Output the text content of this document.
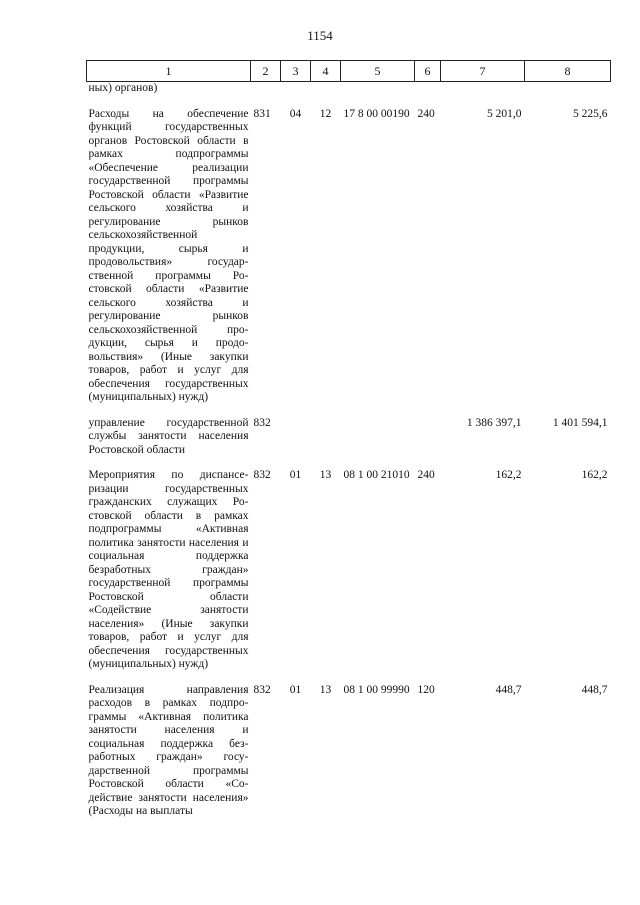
1154
1	2	3	4	5	6	7	8
ных) органов)							

Расходы на обеспечение функций государственных органов Ростовской области в рамках подпрограммы «Обеспечение реализации государственной программы Ростовской области «Развитие сельского хозяйства и регулирование рынков сельскохозяйственной продукции, сырья и продовольствия» государственной программы Ростовской области «Развитие сельского хозяйства и регулирование рынков сельскохозяйственной продукции, сырья и продовольствия» (Иные закупки товаров, работ и услуг для обеспечения государственных (муниципальных) нужд)	831	04	12	17 8 00 00190	240	5 201,0	5 225,6

управление государственной службы занятости населения Ростовской области	832					1 386 397,1	1 401 594,1

Мероприятия по диспансеризации государственных гражданских служащих Ростовской области в рамках подпрограммы «Активная политика занятости населения и социальная поддержка безработных граждан» государственной программы Ростовской области «Содействие занятости населения» (Иные закупки товаров, работ и услуг для обеспечения государственных (муниципальных) нужд)	832	01	13	08 1 00 21010	240	162,2	162,2

Реализация направления расходов в рамках подпрограммы «Активная политика занятости населения и социальная поддержка безработных граждан» государственной программы Ростовской области «Содействие занятости населения» (Расходы на выплаты	832	01	13	08 1 00 99990	120	448,7	448,7
